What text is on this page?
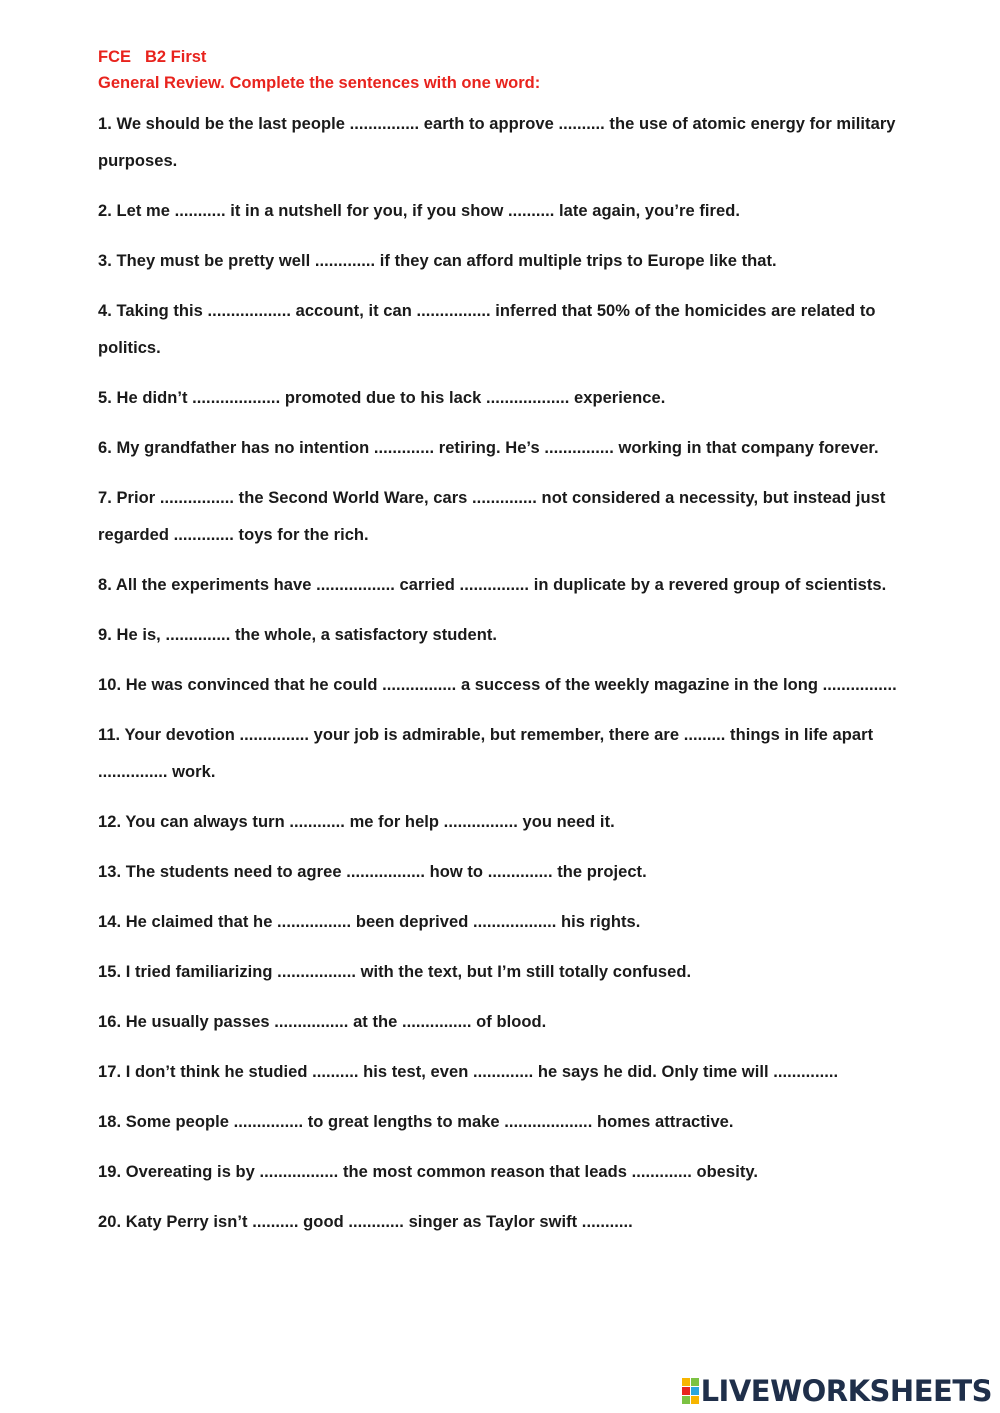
FCE B2 First
General Review. Complete the sentences with one word:

1. We should be the last people ............... earth to approve .......... the use of atomic energy for military purposes.

2. Let me ........... it in a nutshell for you, if you show .......... late again, you’re fired.

3. They must be pretty well ............. if they can afford multiple trips to Europe like that.

4. Taking this .................. account, it can ................ inferred that 50% of the homicides are related to politics.

5. He didn’t ................... promoted due to his lack .................. experience.

6. My grandfather has no intention ............. retiring. He’s ............... working in that company forever.

7. Prior ................ the Second World Ware, cars .............. not considered a necessity, but instead just regarded ............. toys for the rich.

8. All the experiments have ................. carried ............... in duplicate by a revered group of scientists.

9. He is, .............. the whole, a satisfactory student.

10. He was convinced that he could ................ a success of the weekly magazine in the long ................

11. Your devotion ............... your job is admirable, but remember, there are ......... things in life apart ............... work.

12. You can always turn ............ me for help ................ you need it.

13. The students need to agree ................. how to .............. the project.

14. He claimed that he ................ been deprived .................. his rights.

15. I tried familiarizing ................. with the text, but I’m still totally confused.

16. He usually passes ................ at the ............... of blood.

17. I don’t think he studied .......... his test, even ............. he says he did. Only time will ..............

18. Some people ............... to great lengths to make ................... homes attractive.

19. Overeating is by ................. the most common reason that leads ............. obesity.

20. Katy Perry isn’t .......... good ............ singer as Taylor swift ...........

LIVEWORKSHEETS
